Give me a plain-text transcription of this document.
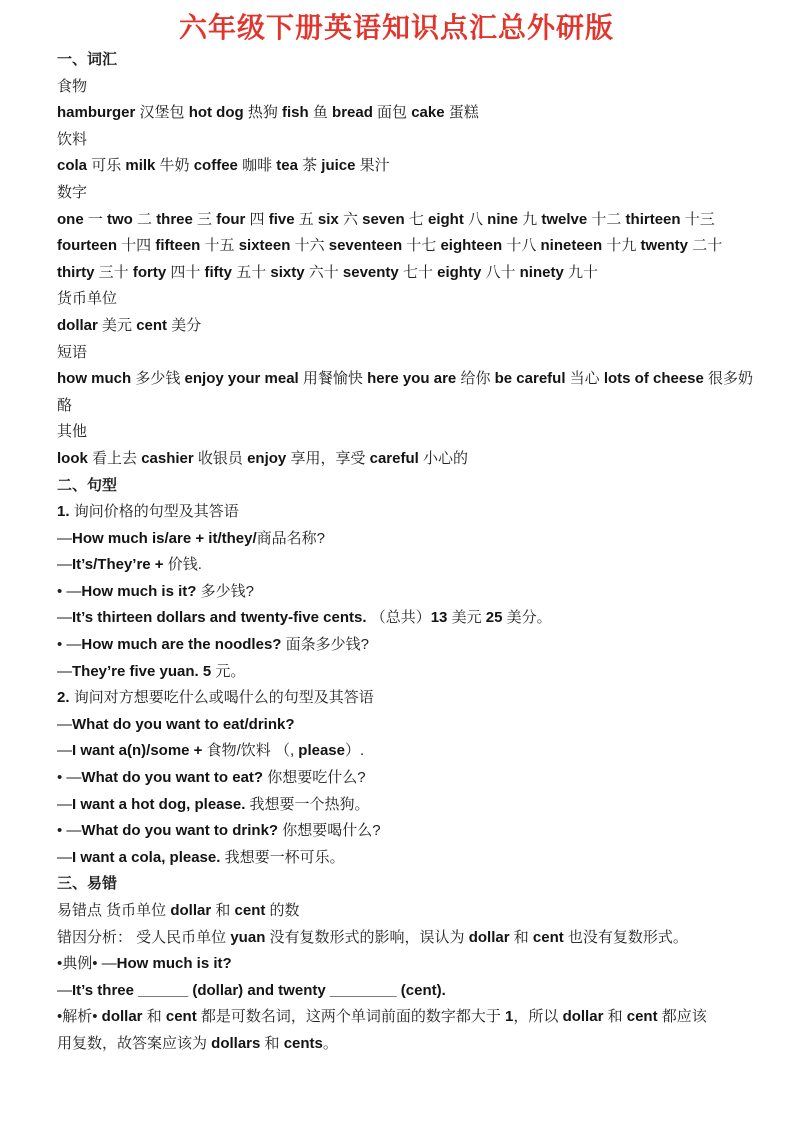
六年级下册英语知识点汇总外研版
一、词汇
食物
hamburger 汉堡包 hot dog 热狗 fish 鱼 bread 面包 cake 蛋糕
饮料
cola 可乐 milk 牛奶 coffee 咖啡 tea 茶 juice 果汁
数字
one 一 two 二 three 三 four 四 five 五 six 六 seven 七 eight 八 nine 九 twelve 十二 thirteen 十三
fourteen 十四 fifteen 十五 sixteen 十六 seventeen 十七 eighteen 十八 nineteen 十九 twenty 二十
thirty 三十 forty 四十 fifty 五十 sixty 六十 seventy 七十 eighty 八十 ninety 九十
货币单位
dollar 美元 cent 美分
短语
how much 多少钱 enjoy your meal 用餐愉快 here you are 给你 be careful 当心 lots of cheese 很多奶
酪
其他
look 看上去 cashier 收银员 enjoy 享用，享受 careful 小心的
二、句型
1. 询问价格的句型及其答语
—How much is/are + it/they/商品名称?
—It’s/They’re + 价钱.
• —How much is it? 多少钱?
—It’s thirteen dollars and twenty-five cents. （总共）13 美元 25 美分。
• —How much are the noodles? 面条多少钱?
—They’re five yuan. 5 元。
2. 询问对方想要吃什么或喝什么的句型及其答语
—What do you want to eat/drink?
—I want a(n)/some + 食物/饮料 （, please）.
• —What do you want to eat? 你想要吃什么?
—I want a hot dog, please. 我想要一个热狗。
• —What do you want to drink? 你想要喝什么?
—I want a cola, please. 我想要一杯可乐。
三、易错
易错点 货币单位 dollar 和 cent 的数
错因分析： 受人民币单位 yuan 没有复数形式的影响，误认为 dollar 和 cent 也没有复数形式。
•典例• —How much is it?
—It’s three ______ (dollar) and twenty ________ (cent).
•解析• dollar 和 cent 都是可数名词，这两个单词前面的数字都大于 1，所以 dollar 和 cent 都应该
用复数，故答案应该为 dollars 和 cents。
